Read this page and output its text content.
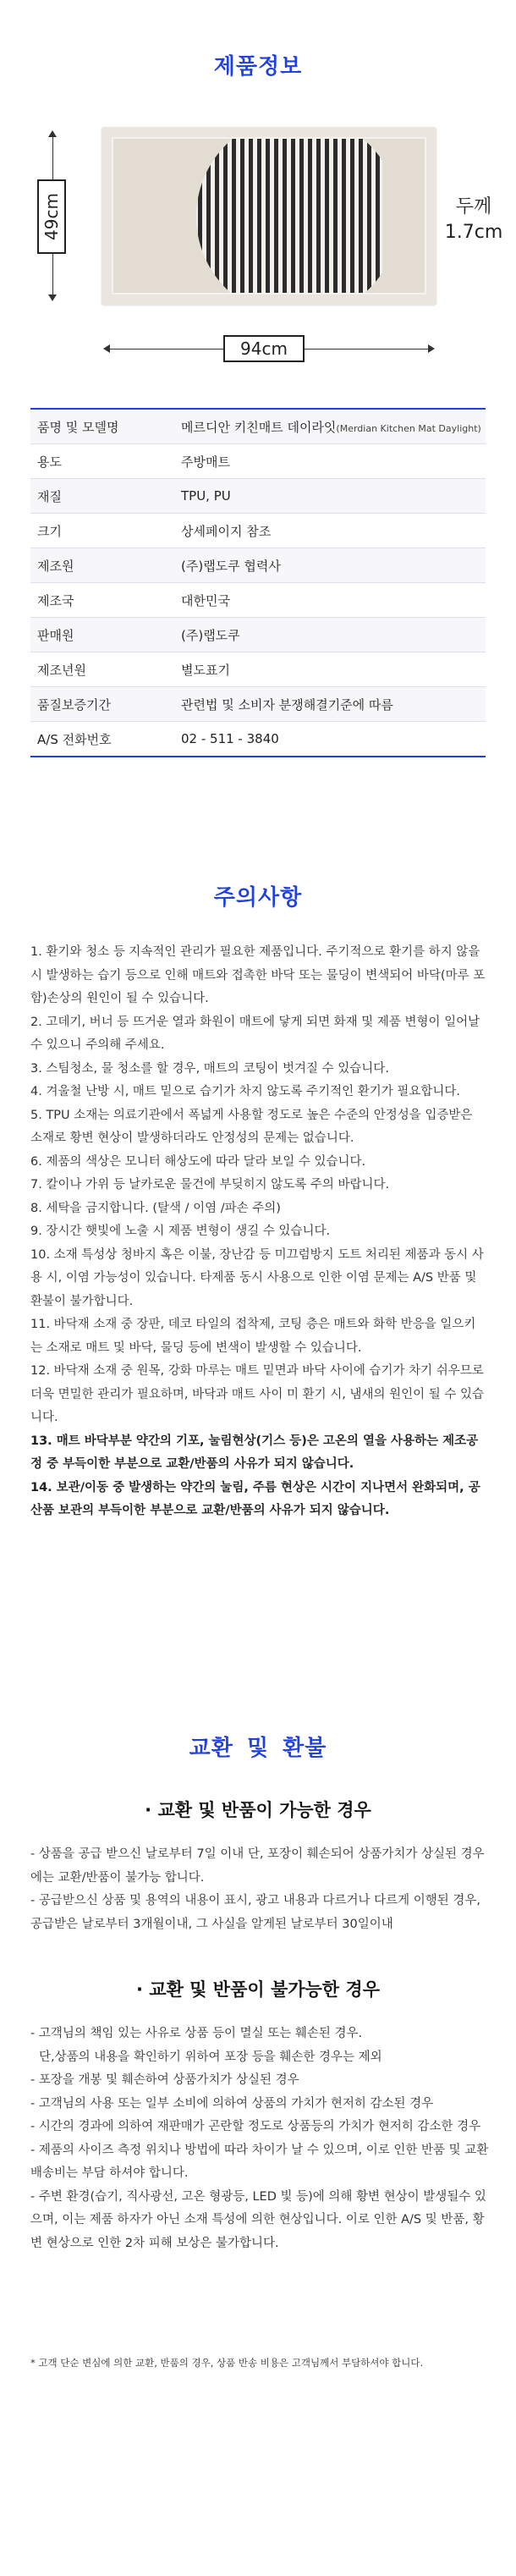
제품정보
49cm	두께
1.7cm
94cm
품명 및 모델명	메르디안 키친매트 데이라잇(Merdian Kitchen Mat Daylight)
용도	주방매트
재질	TPU, PU
크기	상세페이지 참조
제조원	(주)랩도쿠 협력사
제조국	대한민국
판매원	(주)랩도쿠
제조년원	별도표기
품질보증기간	관련법 및 소비자 분쟁해결기준에 따름
A/S 전화번호	02 - 511 - 3840
주의사항

1. 환기와 청소 등 지속적인 관리가 필요한 제품입니다. 주기적으로 환기를 하지 않을 시 발생하는 습기 등으로 인해 매트와 접촉한 바닥 또는 물딩이 변색되어 바닥(마루 포함)손상의 원인이 될 수 있습니다.

2. 고데기, 버너 등 뜨거운 열과 화원이 매트에 닿게 되면 화재 및 제품 변형이 일어날수 있으니 주의해 주세요.

3. 스팀청소, 물 청소를 할 경우, 매트의 코팅이 벗겨질 수 있습니다.

4. 겨울철 난방 시, 매트 밑으로 습기가 차지 않도록 주기적인 환기가 필요합니다.

5. TPU 소재는 의료기관에서 폭넓게 사용할 정도로 높은 수준의 안정성을 입증받은 소재로 황변 현상이 발생하더라도 안정성의 문제는 없습니다.

6. 제품의 색상은 모니터 해상도에 따라 달라 보일 수 있습니다.

7. 칼이나 가위 등 날카로운 물건에 부딪히지 않도록 주의 바랍니다.

8. 세탁을 금지합니다. (탈색 / 이염 /파손 주의)

9. 장시간 햇빛에 노출 시 제품 변형이 생길 수 있습니다.

10. 소재 특성상 청바지 혹은 이불, 장난감 등 미끄럼방지 도트 처리된 제품과 동시 사용 시, 이염 가능성이 있습니다. 타제품 동시 사용으로 인한 이염 문제는 A/S 반품 및 환불이 불가합니다.

11. 바닥재 소재 중 장판, 데코 타일의 접착제, 코팅 층은 매트와 화학 반응을 일으키는 소재로 매트 및 바닥, 물딩 등에 변색이 발생할 수 있습니다.

12. 바닥재 소재 중 원목, 강화 마루는 매트 밑면과 바닥 사이에 습기가 차기 쉬우므로 더욱 면밀한 관리가 필요하며, 바닥과 매트 사이 미 환기 시, 냄새의 원인이 될 수 있습니다.

13. 매트 바닥부분 약간의 기포, 눌림현상(기스 등)은 고온의 열을 사용하는 제조공정 중 부득이한 부분으로 교환/반품의 사유가 되지 않습니다.

14. 보관/이동 중 발생하는 약간의 눌림, 주름 현상은 시간이 지나면서 완화되며, 공산품 보관의 부득이한 부분으로 교환/반품의 사유가 되지 않습니다.

교환 및 환불
· 교환 및 반품이 가능한 경우

- 상품을 공급 받으신 날로부터 7일 이내 단, 포장이 훼손되어 상품가치가 상실된 경우에는 교환/반품이 불가능 합니다.

- 공급받으신 상품 및 용역의 내용이 표시, 광고 내용과 다르거나 다르게 이행된 경우, 공급받은 날로부터 3개월이내, 그 사실을 알게된 날로부터 30일이내

· 교환 및 반품이 불가능한 경우

- 고객님의 책임 있는 사유로 상품 등이 멸실 또는 훼손된 경우.

단,상품의 내용을 확인하기 위하여 포장 등을 훼손한 경우는 제외

- 포장을 개봉 및 훼손하여 상품가치가 상실된 경우

- 고객님의 사용 또는 일부 소비에 의하여 상품의 가치가 현저히 감소된 경우

- 시간의 경과에 의하여 재판매가 곤란할 정도로 상품등의 가치가 현저히 감소한 경우

- 제품의 사이즈 측정 위치나 방법에 따라 차이가 날 수 있으며, 이로 인한 반품 및 교환 배송비는 부담 하셔야 합니다.

- 주변 환경(습기, 직사광선, 고온 형광등, LED 빛 등)에 의해 황변 현상이 발생될수 있으며, 이는 제품 하자가 아닌 소재 특성에 의한 현상입니다. 이로 인한 A/S 및 반품, 황변 현상으로 인한 2차 피해 보상은 불가합니다.

* 고객 단순 변심에 의한 교환, 반품의 경우, 상품 반송 비용은 고객님께서 부담하셔야 합니다.
